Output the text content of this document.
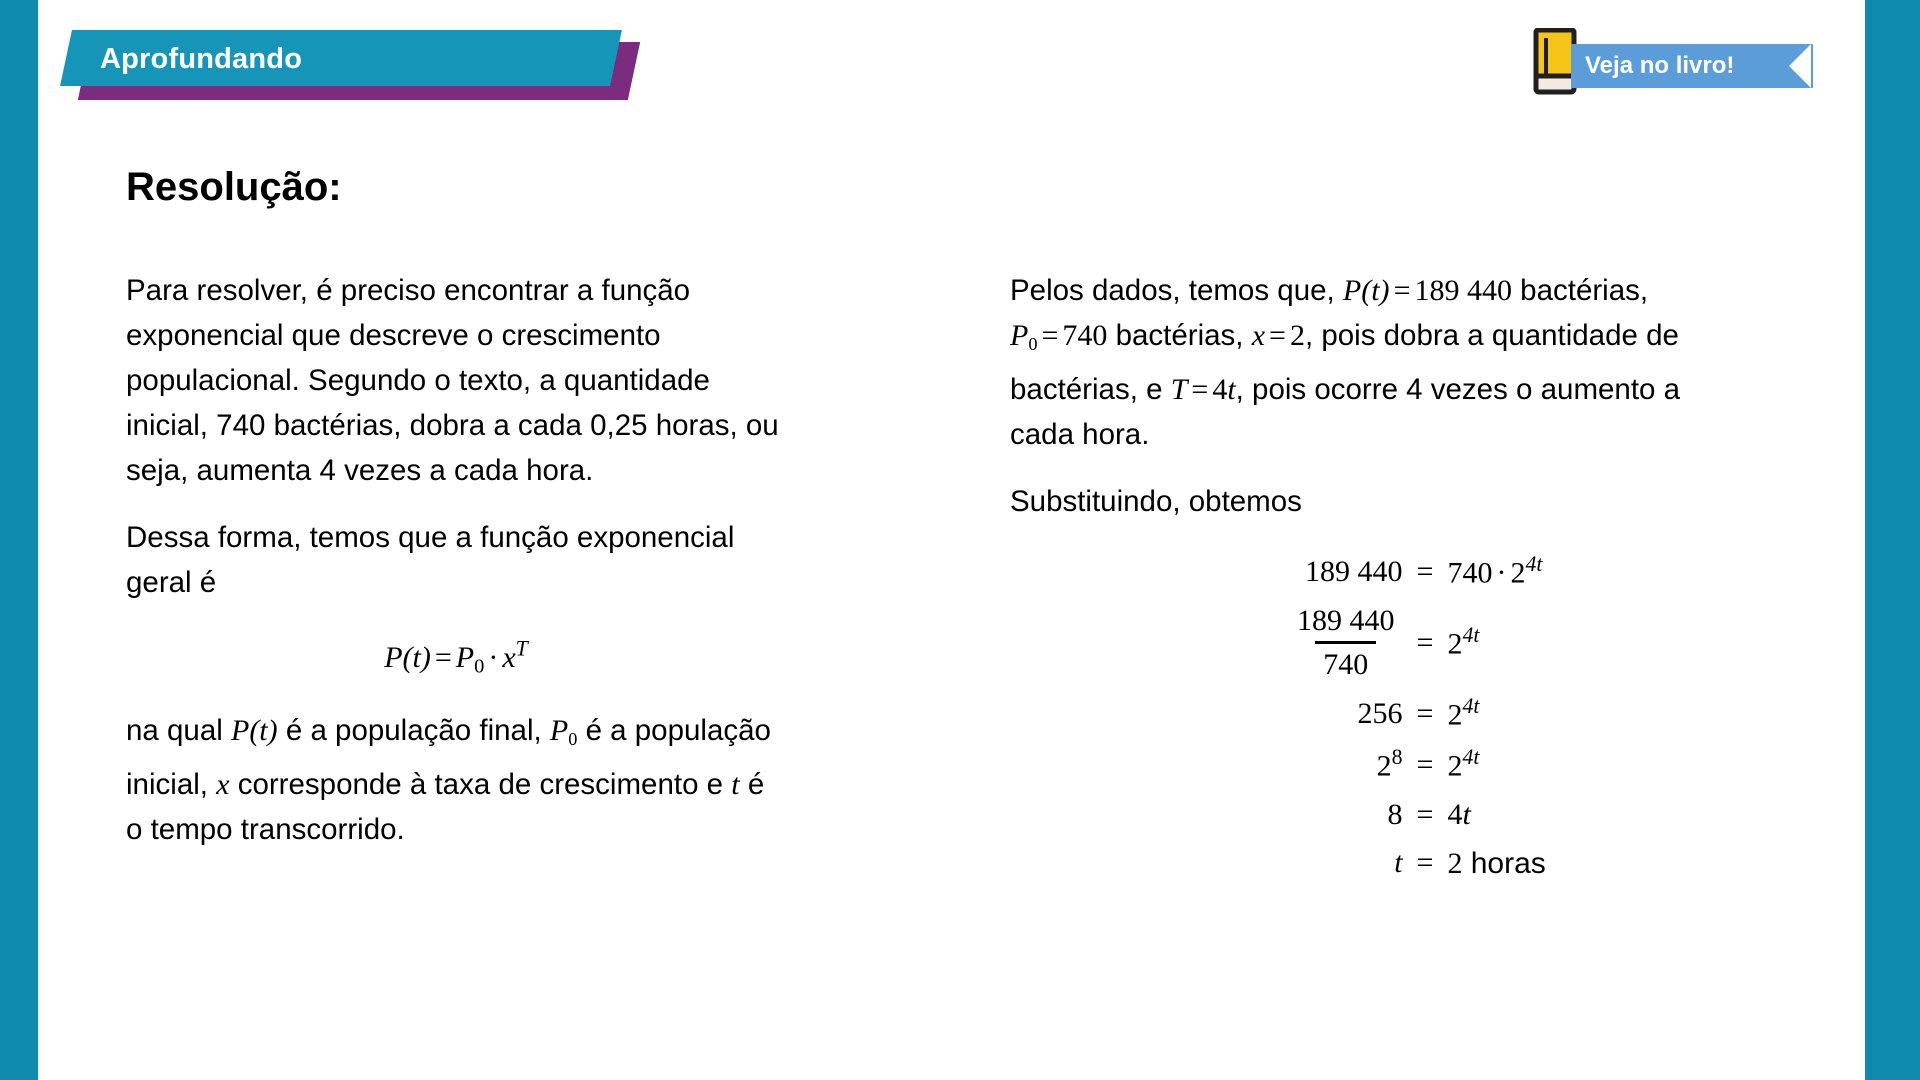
Aprofundando	Veja no livro!
Resolução:

Para resolver, é preciso encontrar a função exponencial que descreve o crescimento populacional. Segundo o texto, a quantidade inicial, 740 bactérias, dobra a cada 0,25 horas, ou seja, aumenta 4 vezes a cada hora.

Dessa forma, temos que a função exponencial geral é

$P(t) = P_0 \cdot x^T$

na qual P(t) é a população final, $P_0$ é a população inicial, x corresponde à taxa de crescimento e t é o tempo transcorrido.

Pelos dados, temos que, P(t) = 189 440 bactérias, $P_0 = 740$ bactérias, x = 2, pois dobra a quantidade de bactérias, e T = 4t, pois ocorre 4 vezes o aumento a cada hora.

Substituindo, obtemos

189 $440 = 740 \cdot 2^{4t}$
$\frac{189 440}{740} = 2^{4t}$
$256 = 2^{4t}$
$2^8 = 2^{4t}$
8 = 4t
t = 2 horas
